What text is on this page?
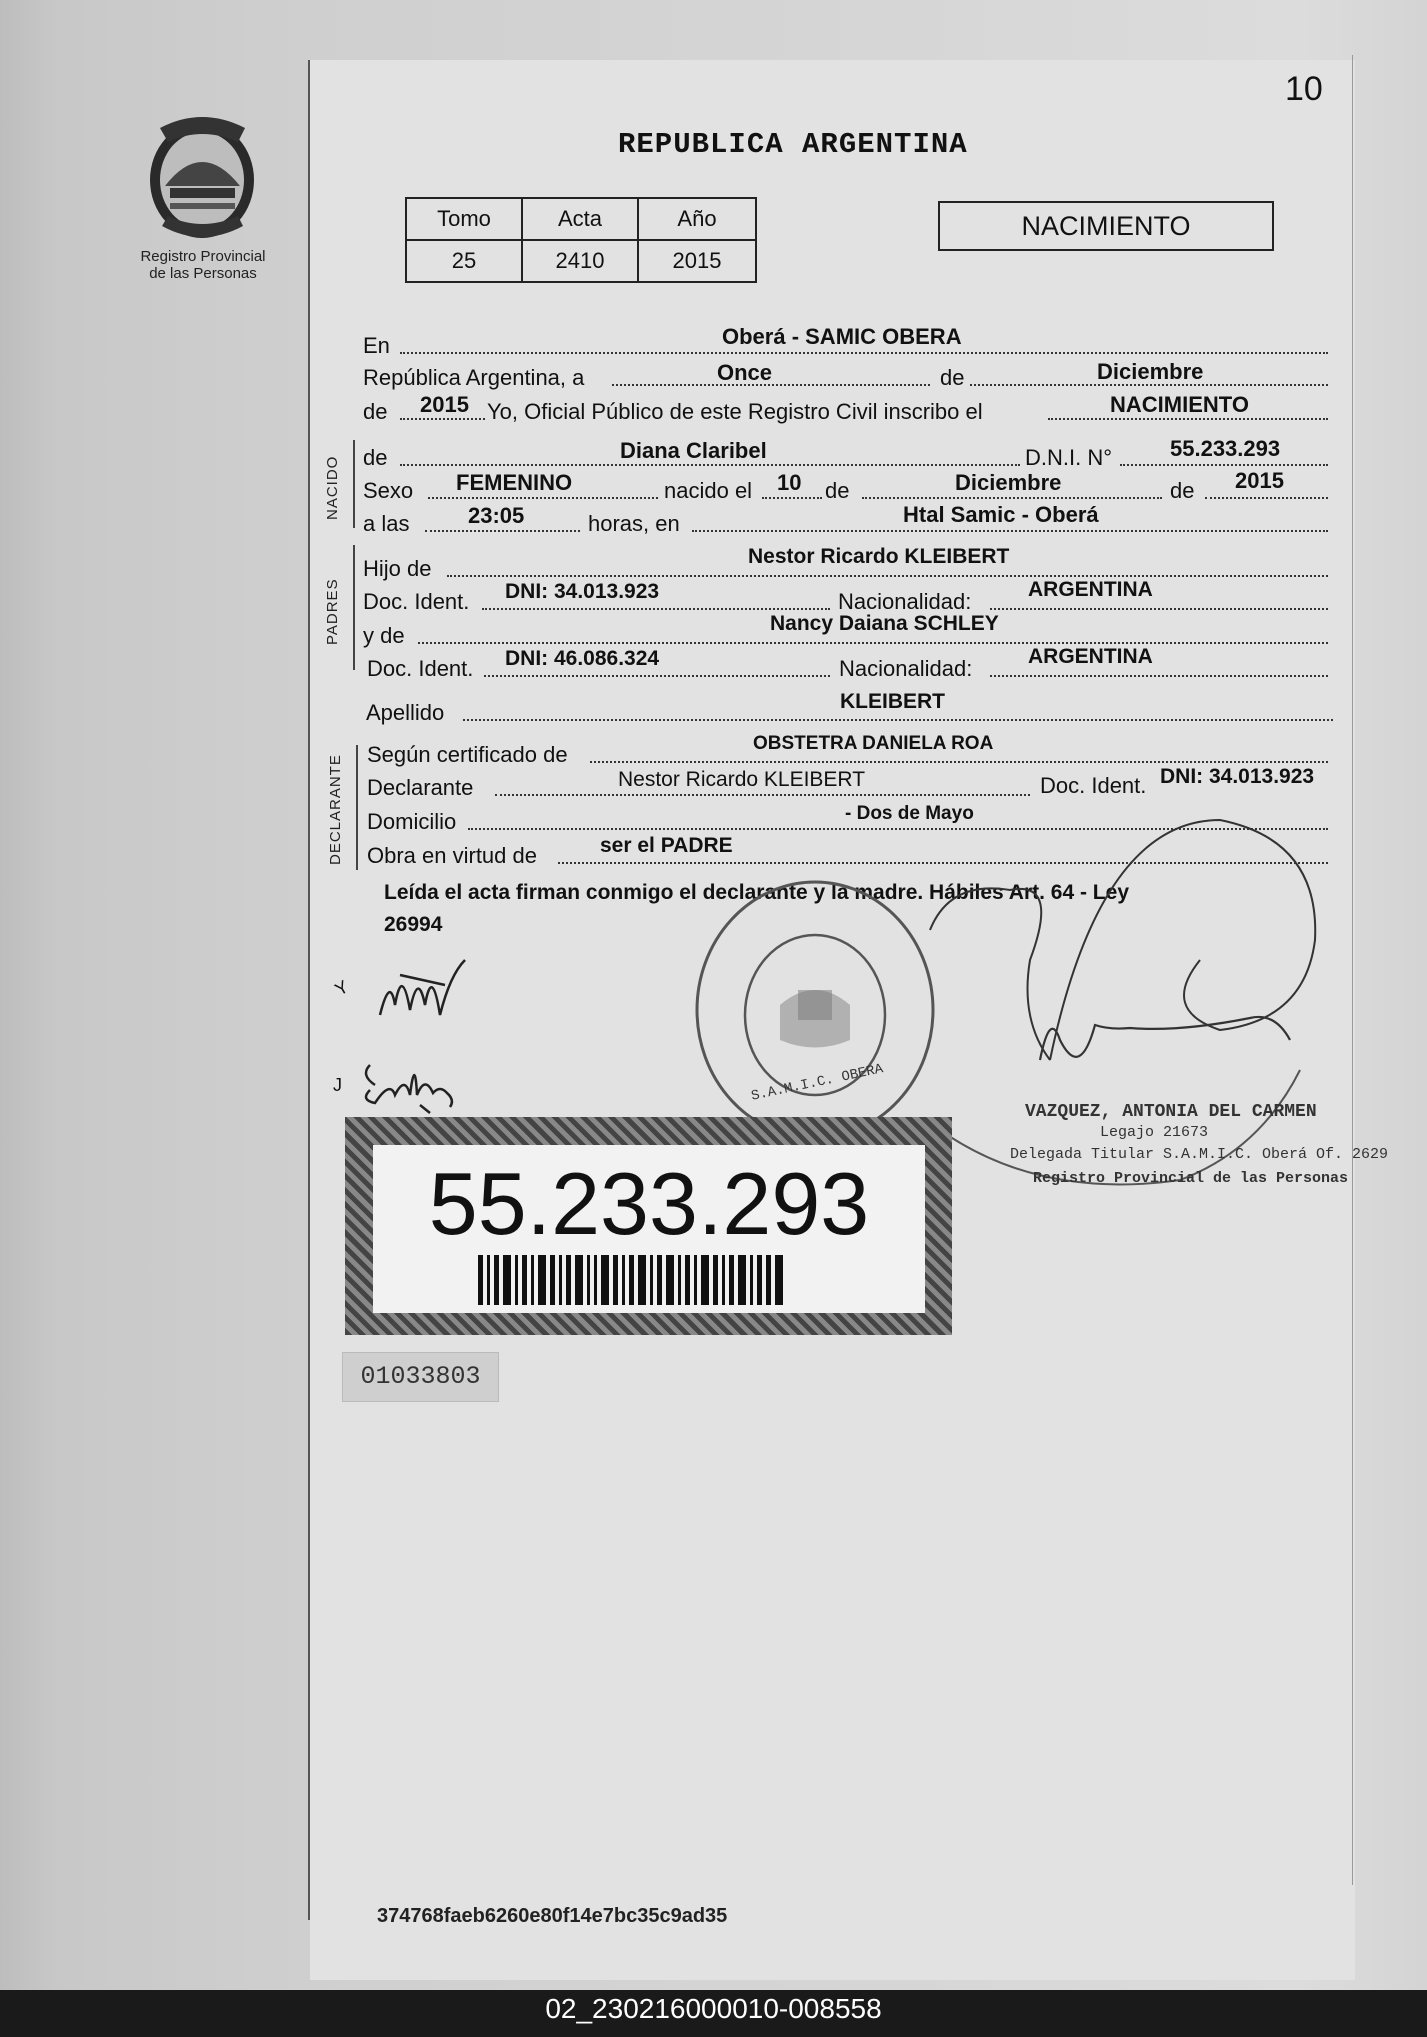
Registro Provincial
de las Personas
10
REPUBLICA ARGENTINA
Tomo	Acta	Año
25	2410	2015
NACIMIENTO
En	Oberá - SAMIC OBERA
República Argentina, a	Once	de	Diciembre
de 2015 Yo, Oficial Público de este Registro Civil inscribo el	NACIMIENTO
NACIDO de	Diana Claribel	D.N.I. N°	55.233.293
Sexo FEMENINO	nacido el 10 de	Diciembre	de 2015
a las	23:05	horas, en	Htal Samic - Oberá
PADRES
Hijo de	Nestor Ricardo KLEIBERT
Doc. Ident. DNI: 34.013.923	Nacionalidad:	ARGENTINA
y de	Nancy Daiana SCHLEY
Doc. Ident. DNI: 46.086.324	Nacionalidad:	ARGENTINA
Apellido	KLEIBERT
DECLARANTE Según certificado de	OBSTETRA DANIELA ROA
Declarante	Nestor Ricardo KLEIBERT	Doc. Ident. DNI: 34.013.923
Domicilio	- Dos de Mayo
Obra en virtud de	ser el PADRE
Leída el acta firman conmigo el declarante y la madre. Hábiles Art. 64 - Ley
26994
Y
J	S.A.M.I.C. OBERA
VAZQUEZ, ANTONIA DEL CARMEN
Legajo 21673
Delegada Titular S.A.M.I.C. Oberá Of. 2629
Registro Provincial de las Personas
55.233.293
01033803
374768faeb6260e80f14e7bc35c9ad35
02_230216000010-008558
